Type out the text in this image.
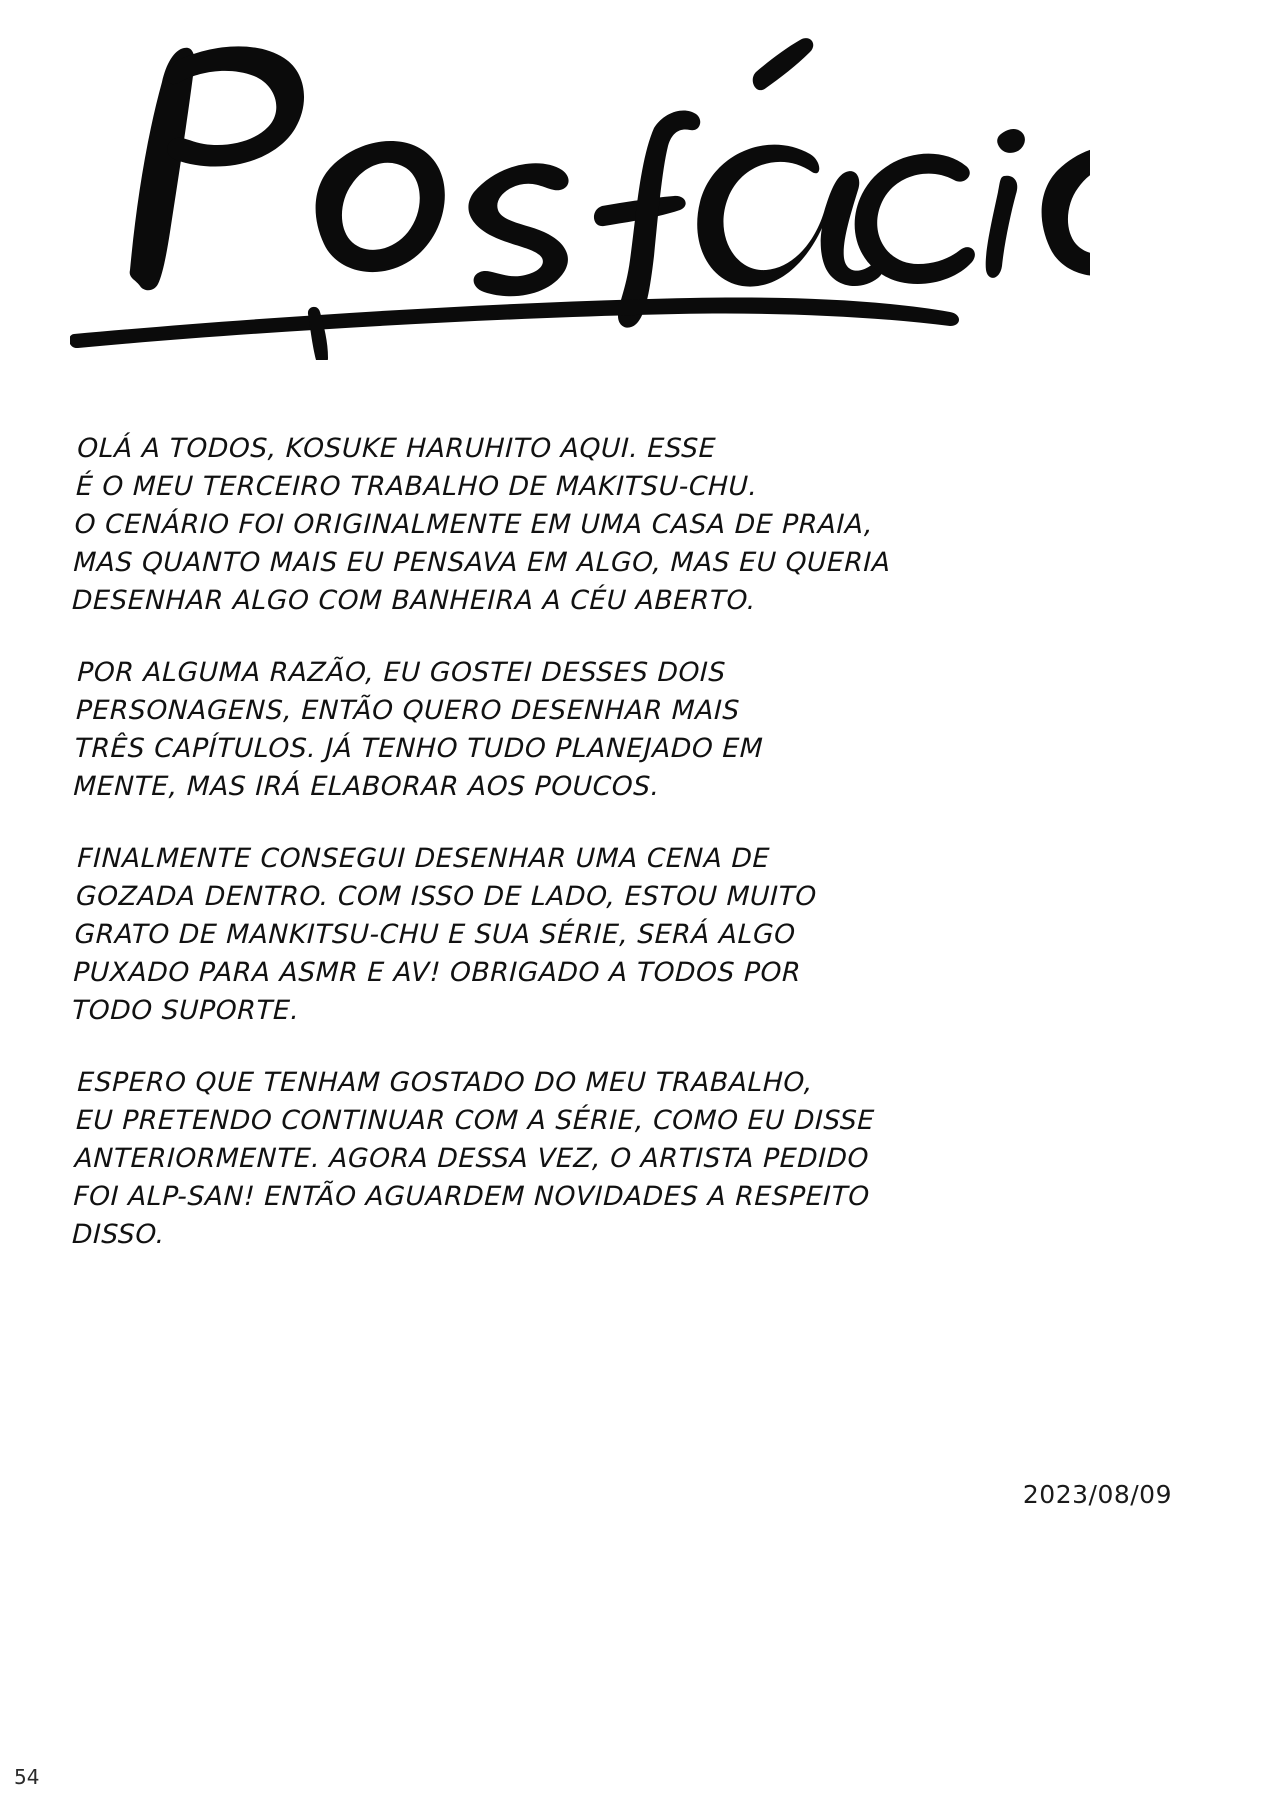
OLÁ A TODOS, KOSUKE HARUHITO AQUI. ESSE
É O MEU TERCEIRO TRABALHO DE MAKITSU-CHU.
O CENÁRIO FOI ORIGINALMENTE EM UMA CASA DE PRAIA,
MAS QUANTO MAIS EU PENSAVA EM ALGO, MAS EU QUERIA
DESENHAR ALGO COM BANHEIRA A CÉU ABERTO.

POR ALGUMA RAZÃO, EU GOSTEI DESSES DOIS
PERSONAGENS, ENTÃO QUERO DESENHAR MAIS
TRÊS CAPÍTULOS. JÁ TENHO TUDO PLANEJADO EM
MENTE, MAS IRÁ ELABORAR AOS POUCOS.

FINALMENTE CONSEGUI DESENHAR UMA CENA DE
GOZADA DENTRO. COM ISSO DE LADO, ESTOU MUITO
GRATO DE MANKITSU-CHU E SUA SÉRIE, SERÁ ALGO
PUXADO PARA ASMR E AV! OBRIGADO A TODOS POR
TODO SUPORTE.

ESPERO QUE TENHAM GOSTADO DO MEU TRABALHO,
EU PRETENDO CONTINUAR COM A SÉRIE, COMO EU DISSE
ANTERIORMENTE. AGORA DESSA VEZ, O ARTISTA PEDIDO
FOI ALP-SAN! ENTÃO AGUARDEM NOVIDADES A RESPEITO
DISSO.

2023/08/09
54
